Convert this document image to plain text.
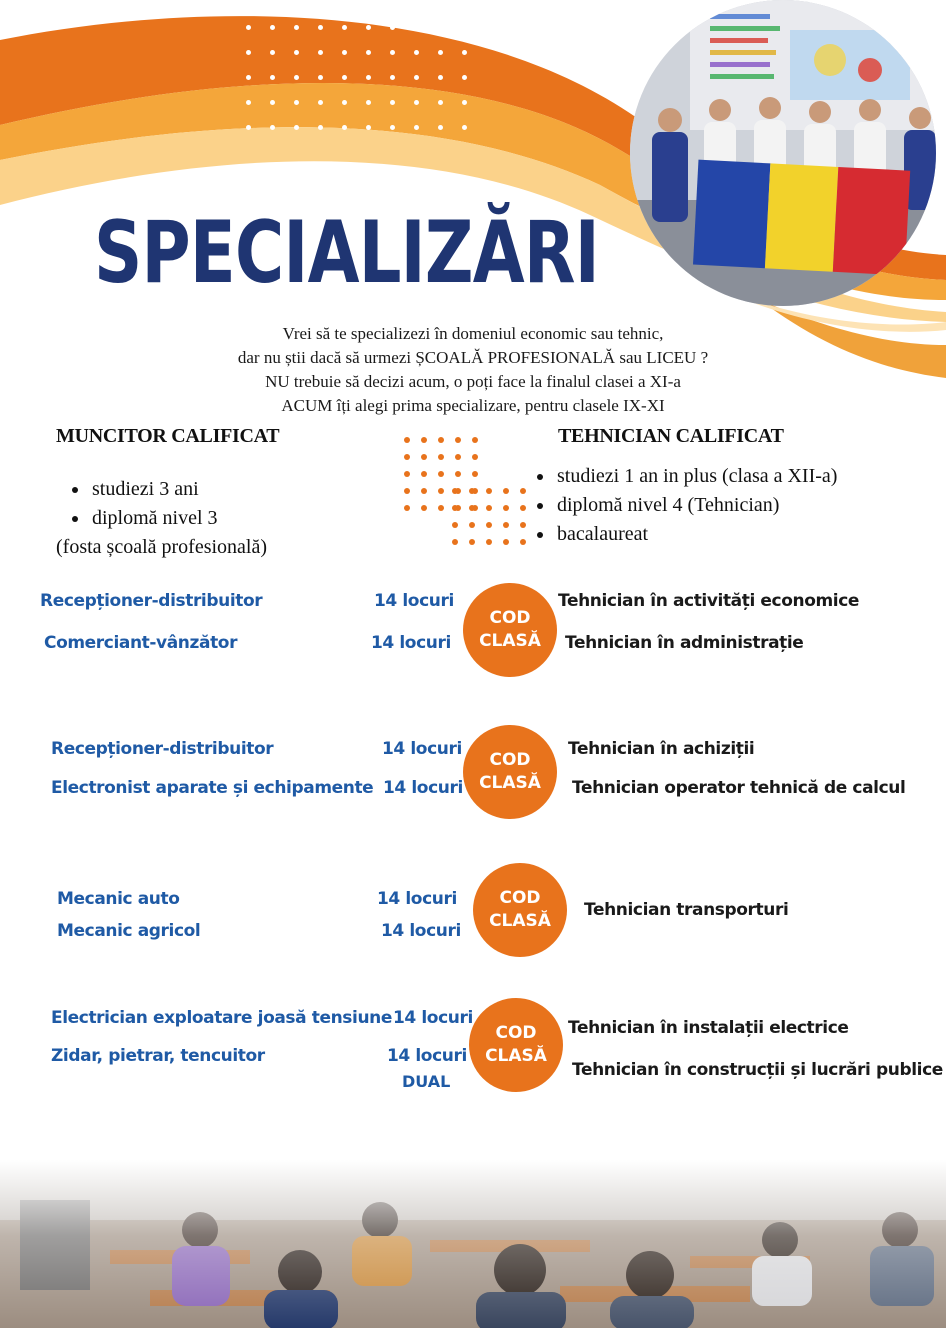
SPECIALIZĂRI
Vrei să te specializezi în domeniul economic sau tehnic,
dar nu știi dacă să urmezi ȘCOALĂ PROFESIONALĂ sau LICEU ?
NU trebuie să decizi acum, o poți face la finalul clasei a XI-a
ACUM îți alegi prima specializare, pentru clasele IX-XI
MUNCITOR CALIFICAT	TEHNICIAN CALIFICAT
studiezi 3 ani
diplomă nivel 3
(fosta școală profesională)
studiezi 1 an in plus (clasa a XII-a)
diplomă nivel 4 (Tehnician)
bacalaureat
Recepționer-distribuitor	14 locuri
Comerciant-vânzător	14 locuri
COD
CLASĂ
Tehnician în activități economice
Tehnician în administrație
Recepționer-distribuitor	14 locuri
Electronist aparate și echipamente 14 locuri
COD
CLASĂ
Tehnician în achiziții
Tehnician operator tehnică de calcul
Mecanic auto	14 locuri
Mecanic agricol	14 locuri
COD
CLASĂ
Tehnician transporturi
Electrician exploatare joasă tensiune 14 locuri
Zidar, pietrar, tencuitor	14 locuri
DUAL
COD
CLASĂ
Tehnician în instalații electrice
Tehnician în construcții și lucrări publice
